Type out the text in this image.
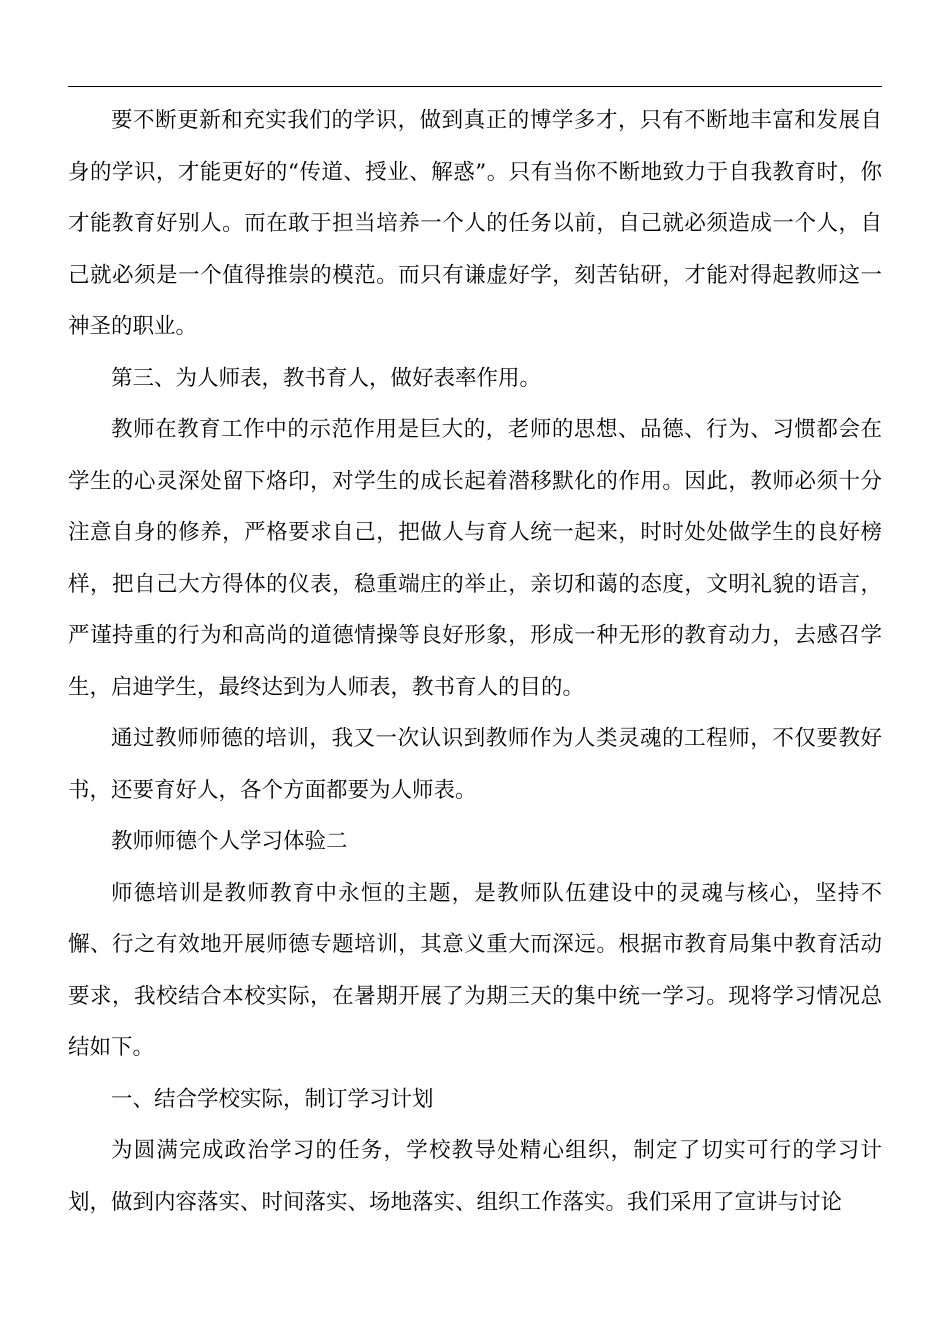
要不断更新和充实我们的学识，做到真正的博学多才，只有不断地丰富和发展自身的学识，才能更好的“传道、授业、解惑”。只有当你不断地致力于自我教育时，你才能教育好别人。而在敢于担当培养一个人的任务以前，自己就必须造成一个人，自己就必须是一个值得推崇的模范。而只有谦虚好学，刻苦钻研，才能对得起教师这一神圣的职业。

第三、为人师表，教书育人，做好表率作用。

教师在教育工作中的示范作用是巨大的，老师的思想、品德、行为、习惯都会在学生的心灵深处留下烙印，对学生的成长起着潜移默化的作用。因此，教师必须十分注意自身的修养，严格要求自己，把做人与育人统一起来，时时处处做学生的良好榜样，把自己大方得体的仪表，稳重端庄的举止，亲切和蔼的态度，文明礼貌的语言，严谨持重的行为和高尚的道德情操等良好形象，形成一种无形的教育动力，去感召学生，启迪学生，最终达到为人师表，教书育人的目的。

通过教师师德的培训，我又一次认识到教师作为人类灵魂的工程师，不仅要教好书，还要育好人，各个方面都要为人师表。

教师师德个人学习体验二

师德培训是教师教育中永恒的主题，是教师队伍建设中的灵魂与核心，坚持不懈、行之有效地开展师德专题培训，其意义重大而深远。根据市教育局集中教育活动要求，我校结合本校实际，在暑期开展了为期三天的集中统一学习。现将学习情况总结如下。

一、结合学校实际，制订学习计划

为圆满完成政治学习的任务，学校教导处精心组织，制定了切实可行的学习计划，做到内容落实、时间落实、场地落实、组织工作落实。我们采用了宣讲与讨论
